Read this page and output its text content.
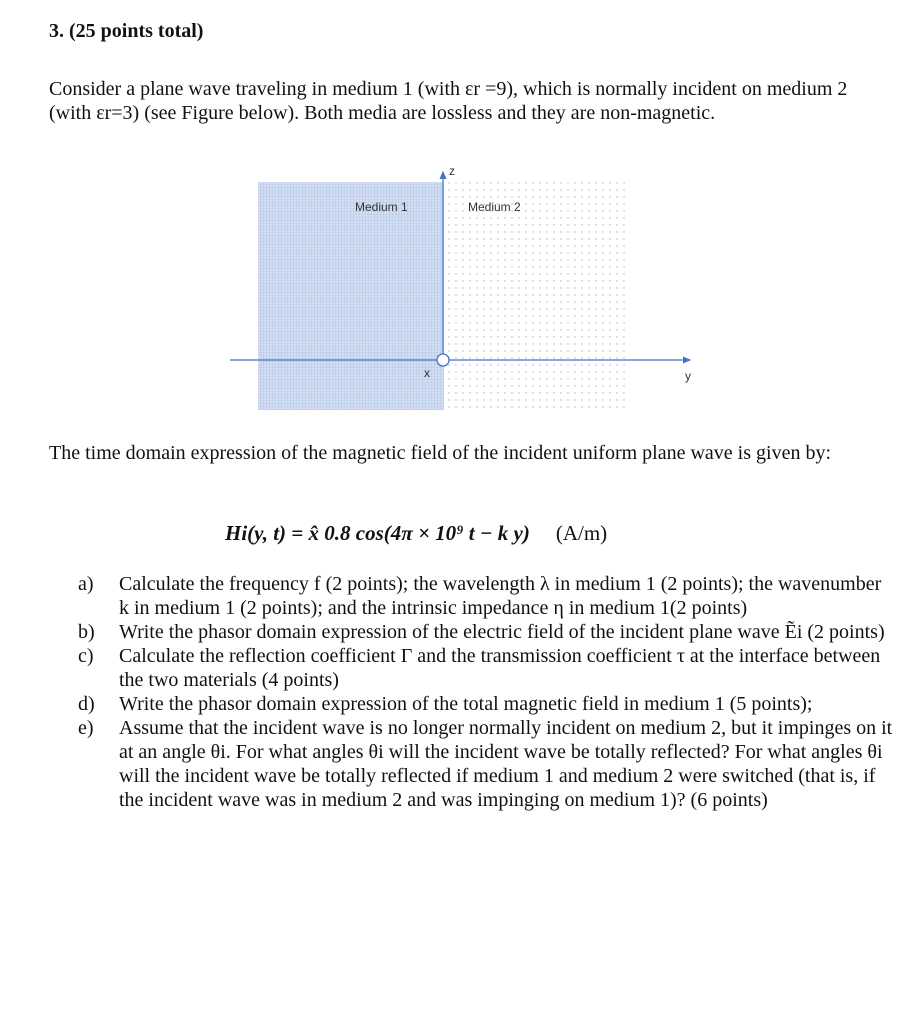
3. (25 points total)
Consider a plane wave traveling in medium 1 (with εr =9), which is normally incident on medium 2 (with εr=3) (see Figure below). Both media are lossless and they are non-magnetic.
Medium 1	Medium 2
z
x	y
The time domain expression of the magnetic field of the incident uniform plane wave is given by:
Hi(y, t) = x̂ 0.8 cos(4π × 10⁹ t − k y) (A/m)
a)	Calculate the frequency f (2 points); the wavelength λ in medium 1 (2 points); the wavenumber k in medium 1 (2 points); and the intrinsic impedance η in medium 1(2 points)
b)	Write the phasor domain expression of the electric field of the incident plane wave Ẽi (2 points)
c)	Calculate the reflection coefficient Γ and the transmission coefficient τ at the interface between the two materials (4 points)
d)	Write the phasor domain expression of the total magnetic field in medium 1 (5 points);
e)	Assume that the incident wave is no longer normally incident on medium 2, but it impinges on it at an angle θi. For what angles θi will the incident wave be totally reflected? For what angles θi will the incident wave be totally reflected if medium 1 and medium 2 were switched (that is, if the incident wave was in medium 2 and was impinging on medium 1)? (6 points)
